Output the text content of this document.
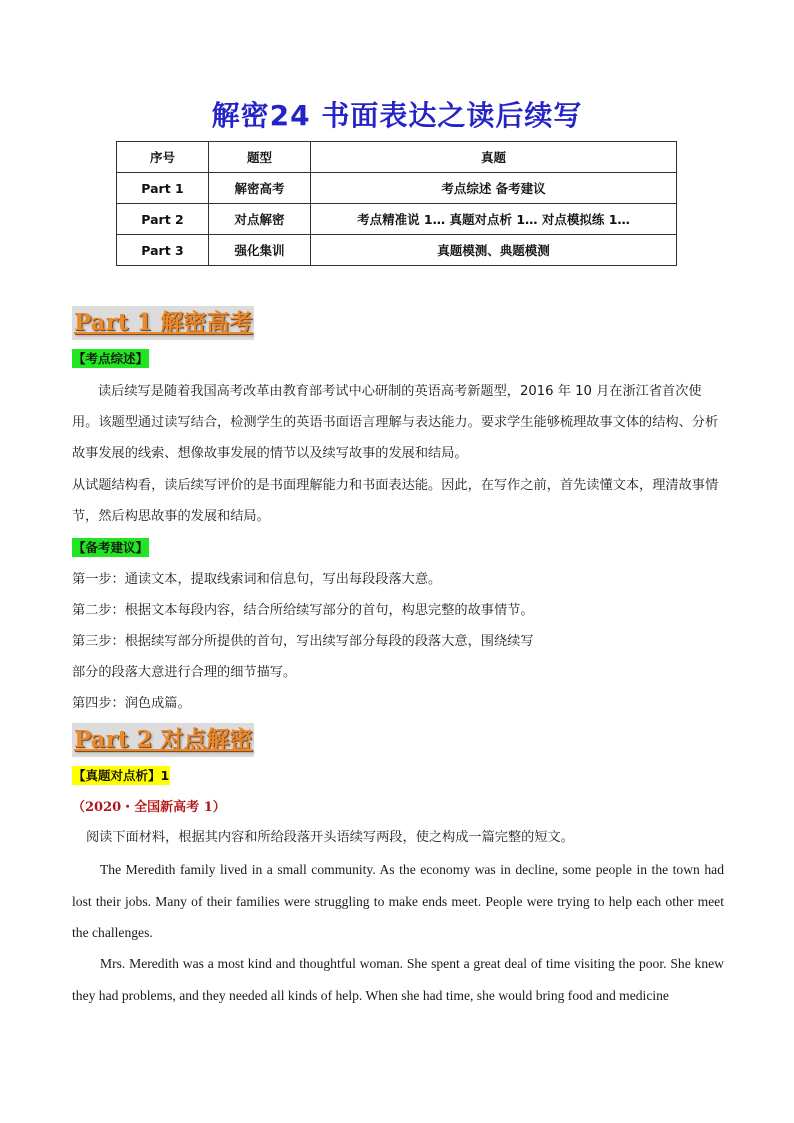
解密24 书面表达之读后续写
序号	题型	真题
Part 1	解密高考	考点综述 备考建议
Part 2	对点解密	考点精准说 1… 真题对点析 1… 对点模拟练 1…
Part 3	强化集训	真题模测、典题模测
Part 1 解密高考
【考点综述】
读后续写是随着我国高考改革由教育部考试中心研制的英语高考新题型，2016 年 10 月在浙江省首次使用。该题型通过读写结合，检测学生的英语书面语言理解与表达能力。要求学生能够梳理故事文体的结构、分析故事发展的线索、想像故事发展的情节以及续写故事的发展和结局。
从试题结构看，读后续写评价的是书面理解能力和书面表达能。因此，在写作之前，首先读懂文本，理清故事情节，然后构思故事的发展和结局。
【备考建议】
第一步：通读文本，提取线索词和信息句，写出每段段落大意。
第二步：根据文本每段内容，结合所给续写部分的首句，构思完整的故事情节。
第三步：根据续写部分所提供的首句，写出续写部分每段的段落大意，围绕续写
部分的段落大意进行合理的细节描写。
第四步：润色成篇。
Part 2 对点解密
【真题对点析】1
（2020・全国新高考 1）
阅读下面材料，根据其内容和所给段落开头语续写两段，使之构成一篇完整的短文。
The Meredith family lived in a small community. As the economy was in decline, some people in the town had lost their jobs. Many of their families were struggling to make ends meet. People were trying to help each other meet the challenges.
Mrs. Meredith was a most kind and thoughtful woman. She spent a great deal of time visiting the poor. She knew they had problems, and they needed all kinds of help. When she had time, she would bring food and medicine
